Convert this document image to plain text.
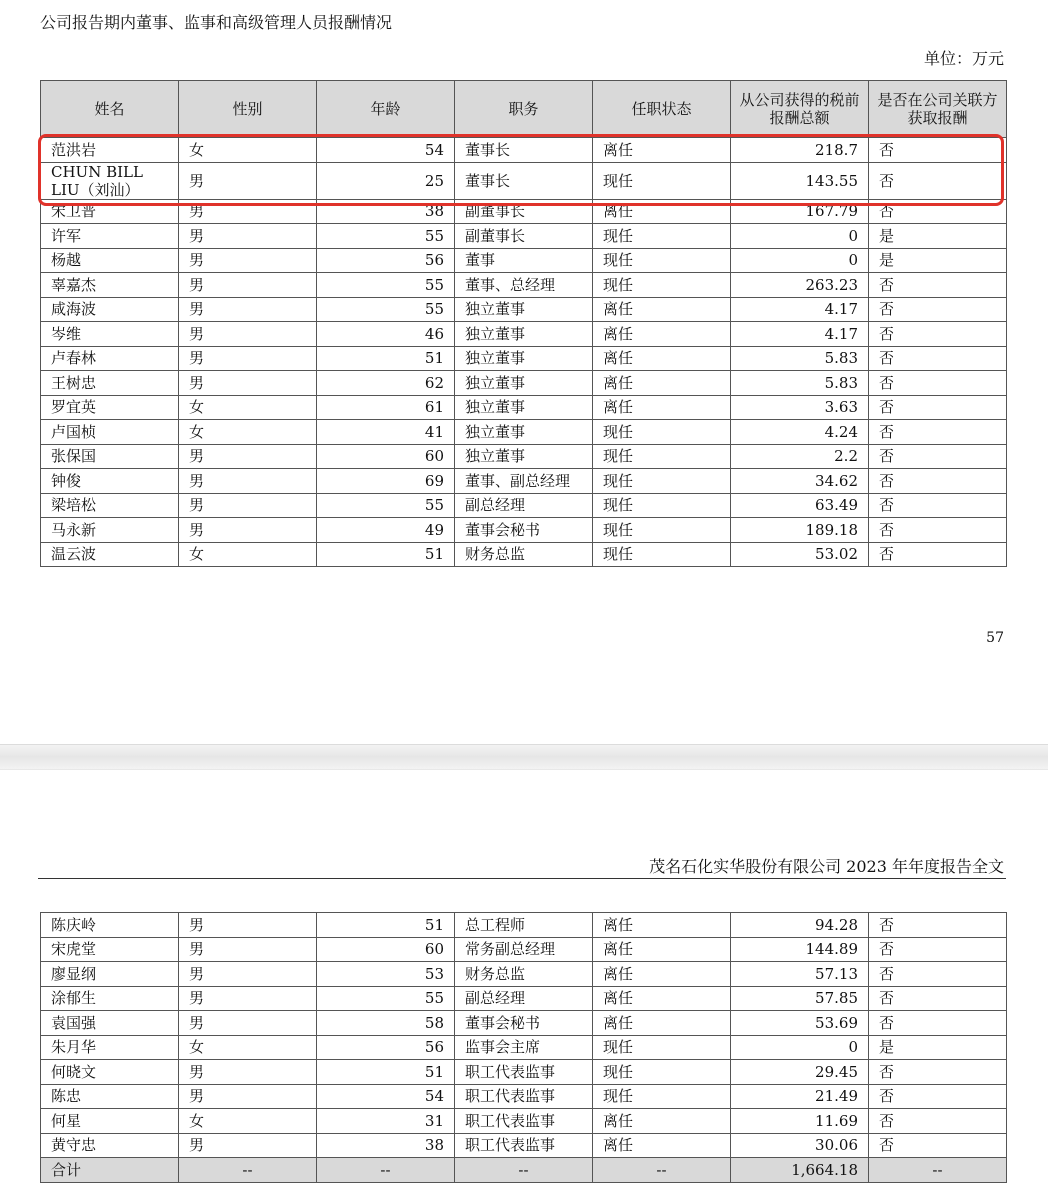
公司报告期内董事、监事和高级管理人员报酬情况
单位：万元
姓名	性别	年龄	职务	任职状态	从公司获得的税前报酬总额	是否在公司关联方获取报酬
范洪岩	女	54	董事长	离任	218.7	否
CHUN BILL LIU（刘汕）	男	25	董事长	现任	143.55	否
宋卫普	男	38	副董事长	离任	167.79	否
许军	男	55	副董事长	现任	0	是
杨越	男	56	董事	现任	0	是
辜嘉杰	男	55	董事、总经理	现任	263.23	否
咸海波	男	55	独立董事	离任	4.17	否
岑维	男	46	独立董事	离任	4.17	否
卢春林	男	51	独立董事	离任	5.83	否
王树忠	男	62	独立董事	离任	5.83	否
罗宜英	女	61	独立董事	离任	3.63	否
卢国桢	女	41	独立董事	现任	4.24	否
张保国	男	60	独立董事	现任	2.2	否
钟俊	男	69	董事、副总经理	现任	34.62	否
梁培松	男	55	副总经理	现任	63.49	否
马永新	男	49	董事会秘书	现任	189.18	否
温云波	女	51	财务总监	现任	53.02	否
57
茂名石化实华股份有限公司 2023 年年度报告全文
陈庆岭	男	51	总工程师	离任	94.28	否
宋虎堂	男	60	常务副总经理	离任	144.89	否
廖显纲	男	53	财务总监	离任	57.13	否
涂郁生	男	55	副总经理	离任	57.85	否
袁国强	男	58	董事会秘书	离任	53.69	否
朱月华	女	56	监事会主席	现任	0	是
何晓文	男	51	职工代表监事	现任	29.45	否
陈忠	男	54	职工代表监事	现任	21.49	否
何星	女	31	职工代表监事	离任	11.69	否
黄守忠	男	38	职工代表监事	离任	30.06	否
合计	--	--	--	--	1,664.18	--
